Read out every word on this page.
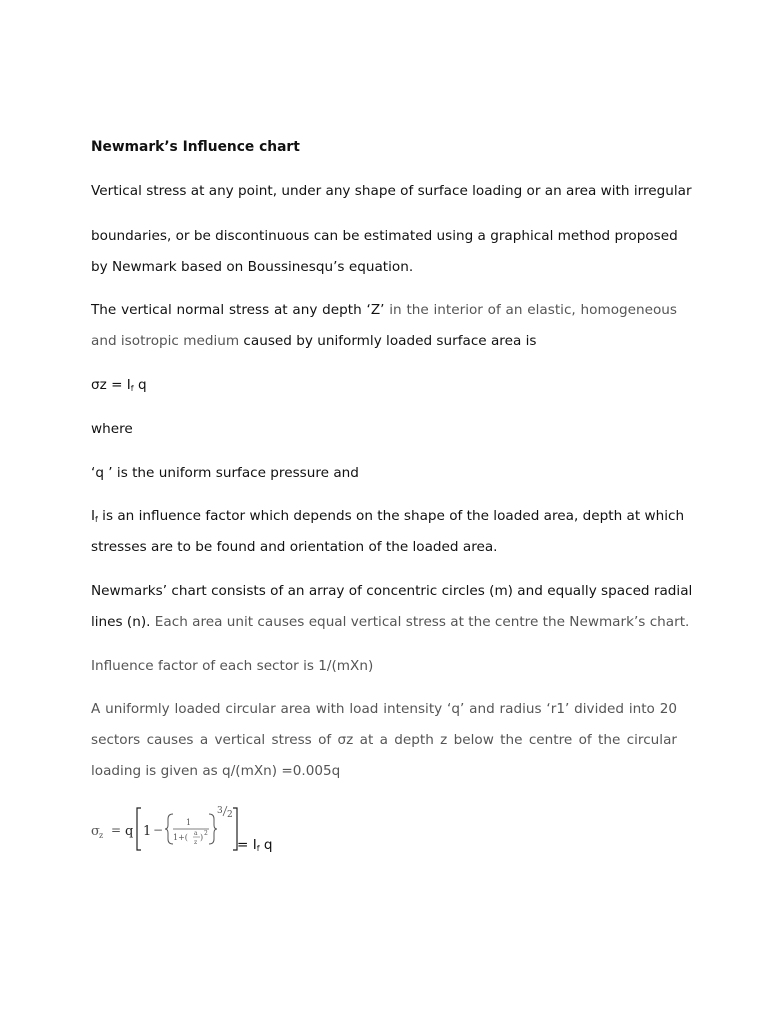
Newmark’s Influence chart

Vertical stress at any point, under any shape of surface loading or an area with irregular

boundaries, or be discontinuous can be estimated using a graphical method proposed

by Newmark based on Boussinesqu’s equation.

The vertical normal stress at any depth ‘Z’ in the interior of an elastic, homogeneous

and isotropic medium caused by uniformly loaded surface area is

$\sigma z = I_f$ q

where

‘q ’ is the uniform surface pressure and

$I_f$ is an influence factor which depends on the shape of the loaded area, depth at which

stresses are to be found and orientation of the loaded area.

Newmarks’ chart consists of an array of concentric circles (m) and equally spaced radial

lines (n). Each area unit causes equal vertical stress at the centre the Newmark’s chart.

Influence factor of each sector is 1/(mXn)

A uniformly loaded circular area with load intensity ‘q’ and radius ‘r1’ divided into 20

sectors causes a vertical stress of σz at a depth z below the centre of the circular

loading is given as q/(mXn) =0.005q

σ z = q 1 −
1
1+( a
z
) 2
3 2
= $I_f$ q
